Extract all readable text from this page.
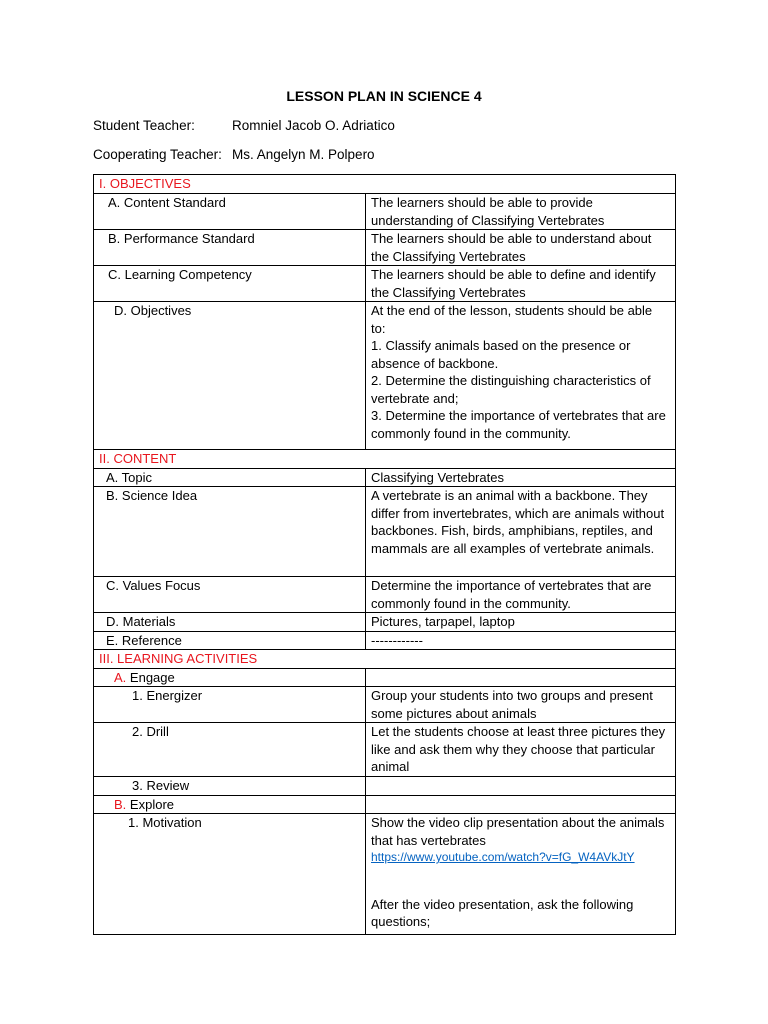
LESSON PLAN IN SCIENCE 4
Student Teacher:	Romniel Jacob O. Adriatico
Cooperating Teacher: Ms. Angelyn M. Polpero
I. OBJECTIVES	
A. Content Standard	The learners should be able to provide understanding of Classifying Vertebrates
B. Performance Standard	The learners should be able to understand about the Classifying Vertebrates
C. Learning Competency	The learners should be able to define and identify the Classifying Vertebrates
D. Objectives	At the end of the lesson, students should be able to:
1. Classify animals based on the presence or absence of backbone.
2. Determine the distinguishing characteristics of vertebrate and;
3. Determine the importance of vertebrates that are commonly found in the community.

II. CONTENT	
A. Topic	Classifying Vertebrates
B. Science Idea	A vertebrate is an animal with a backbone. They differ from invertebrates, which are animals without backbones. Fish, birds, amphibians, reptiles, and mammals are all examples of vertebrate animals.
C. Values Focus	Determine the importance of vertebrates that are commonly found in the community.
D. Materials	Pictures, tarpapel, laptop
E. Reference	------------
III. LEARNING ACTIVITIES	
A. Engage	
1. Energizer	Group your students into two groups and present some pictures about animals
2. Drill	Let the students choose at least three pictures they like and ask them why they choose that particular animal
3. Review	
B. Explore	
1. Motivation	Show the video clip presentation about the animals that has vertebrates
https://www.youtube.com/watch?v=fG_W4AVkJtY
After the video presentation, ask the following questions;
